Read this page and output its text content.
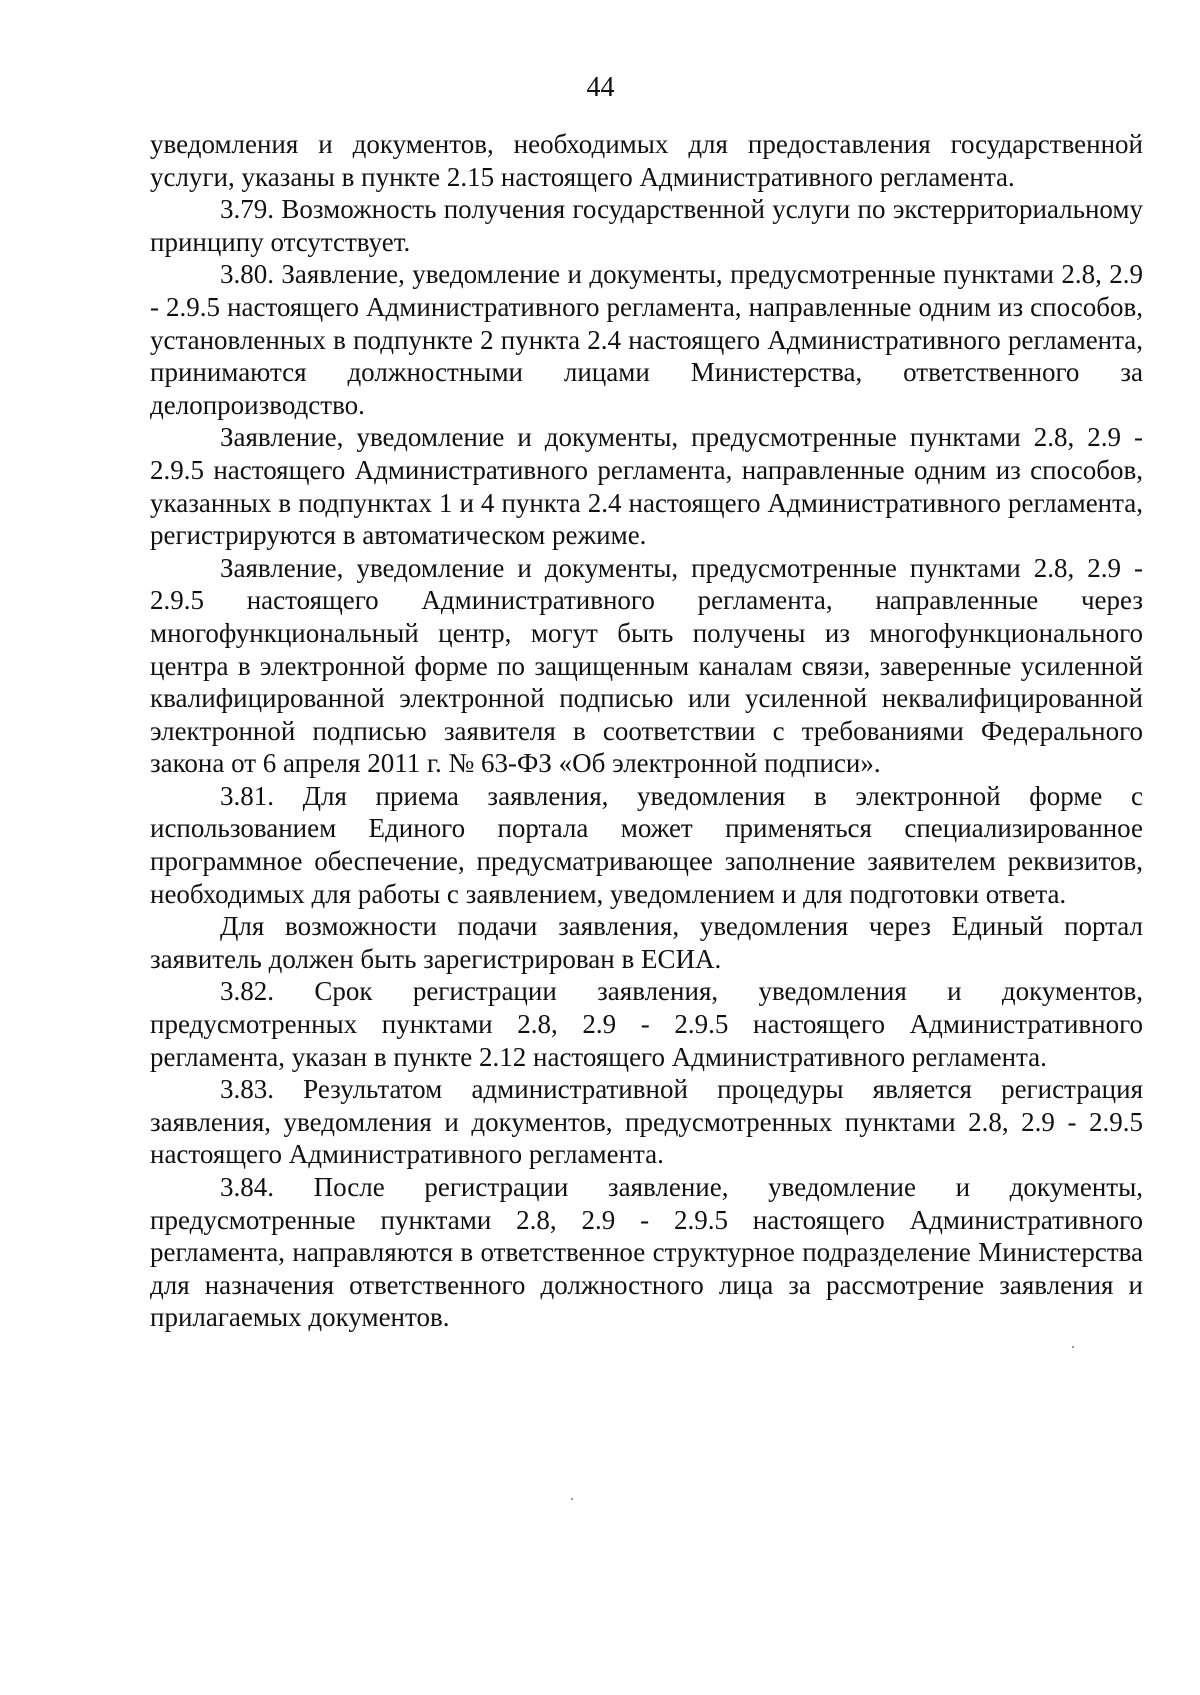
44

уведомления и документов, необходимых для предоставления государственной услуги, указаны в пункте 2.15 настоящего Административного регламента.

3.79. Возможность получения государственной услуги по экстерриториальному принципу отсутствует.

3.80. Заявление, уведомление и документы, предусмотренные пунктами 2.8, 2.9 - 2.9.5 настоящего Административного регламента, направленные одним из способов, установленных в подпункте 2 пункта 2.4 настоящего Административного регламента, принимаются должностными лицами Министерства, ответственного за делопроизводство.

Заявление, уведомление и документы, предусмотренные пунктами 2.8, 2.9 - 2.9.5 настоящего Административного регламента, направленные одним из способов, указанных в подпунктах 1 и 4 пункта 2.4 настоящего Административного регламента, регистрируются в автоматическом режиме.

Заявление, уведомление и документы, предусмотренные пунктами 2.8, 2.9 - 2.9.5 настоящего Административного регламента, направленные через многофункциональный центр, могут быть получены из многофункционального центра в электронной форме по защищенным каналам связи, заверенные усиленной квалифицированной электронной подписью или усиленной неквалифицированной электронной подписью заявителя в соответствии с требованиями Федерального закона от 6 апреля 2011 г. № 63-ФЗ «Об электронной подписи».

3.81. Для приема заявления, уведомления в электронной форме с использованием Единого портала может применяться специализированное программное обеспечение, предусматривающее заполнение заявителем реквизитов, необходимых для работы с заявлением, уведомлением и для подготовки ответа.

Для возможности подачи заявления, уведомления через Единый портал заявитель должен быть зарегистрирован в ЕСИА.

3.82. Срок регистрации заявления, уведомления и документов, предусмотренных пунктами 2.8, 2.9 - 2.9.5 настоящего Административного регламента, указан в пункте 2.12 настоящего Административного регламента.

3.83. Результатом административной процедуры является регистрация заявления, уведомления и документов, предусмотренных пунктами 2.8, 2.9 - 2.9.5 настоящего Административного регламента.

3.84. После регистрации заявление, уведомление и документы, предусмотренные пунктами 2.8, 2.9 - 2.9.5 настоящего Административного регламента, направляются в ответственное структурное подразделение Министерства для назначения ответственного должностного лица за рассмотрение заявления и прилагаемых документов.
